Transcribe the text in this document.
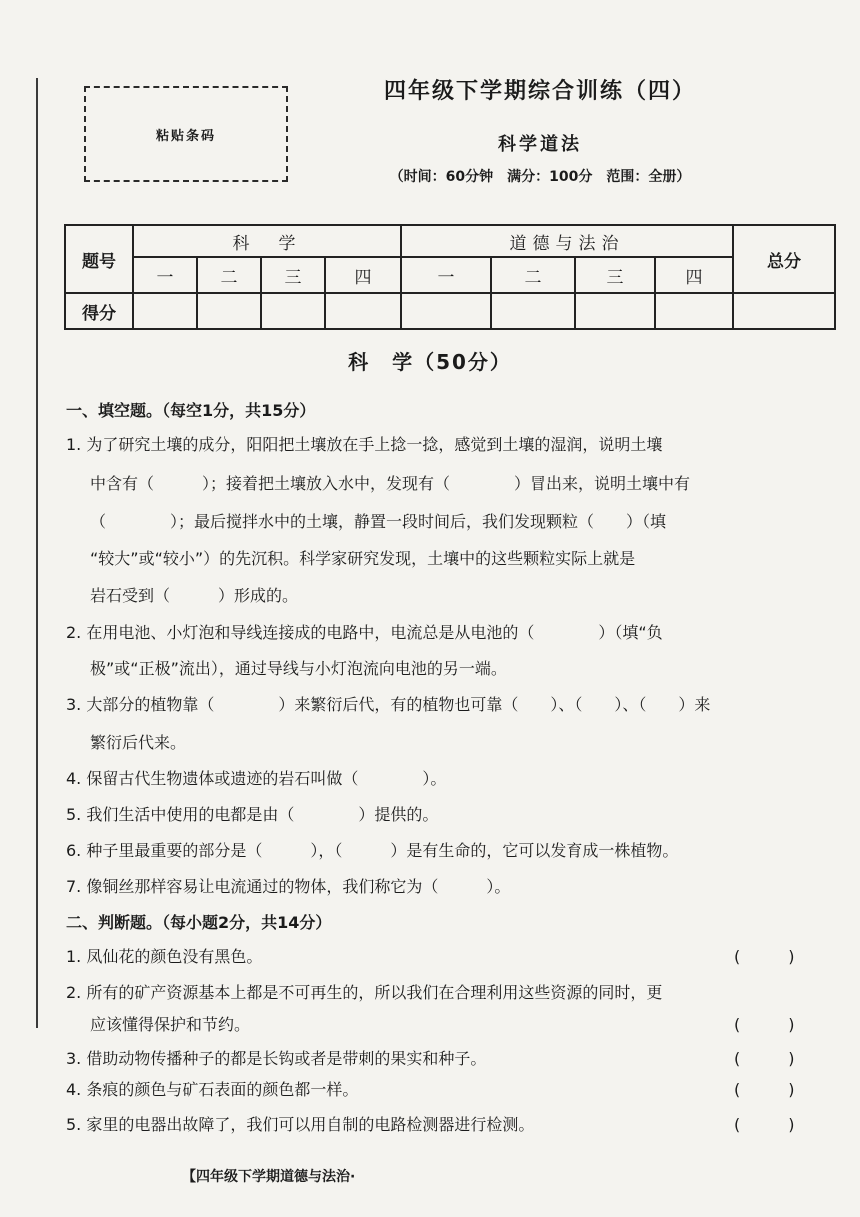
粘贴条码
四年级下学期综合训练（四）
科学道法
（时间：60分钟　满分：100分　范围：全册）
题号	科　学				道德与法治				总分
	一	二	三	四	一	二	三	四	
得分									
科　学（50分）
一、填空题。（每空1分，共15分）
1. 为了研究土壤的成分，阳阳把土壤放在手上捻一捻，感觉到土壤的湿润，说明土壤
中含有（　　　）；接着把土壤放入水中，发现有（　　　　）冒出来，说明土壤中有
（　　　　）；最后搅拌水中的土壤，静置一段时间后，我们发现颗粒（　　）（填
“较大”或“较小”）的先沉积。科学家研究发现，土壤中的这些颗粒实际上就是
岩石受到（　　　）形成的。
2. 在用电池、小灯泡和导线连接成的电路中，电流总是从电池的（　　　　）（填“负
极”或“正极”流出），通过导线与小灯泡流向电池的另一端。
3. 大部分的植物靠（　　　　）来繁衍后代，有的植物也可靠（　　）、（　　）、（　　）来
繁衍后代来。
4. 保留古代生物遗体或遗迹的岩石叫做（　　　　）。
5. 我们生活中使用的电都是由（　　　　）提供的。
6. 种子里最重要的部分是（　　　），（　　　）是有生命的，它可以发育成一株植物。
7. 像铜丝那样容易让电流通过的物体，我们称它为（　　　）。
二、判断题。（每小题2分，共14分）
1. 凤仙花的颜色没有黑色。	(　　　)
2. 所有的矿产资源基本上都是不可再生的，所以我们在合理利用这些资源的同时，更
应该懂得保护和节约。	(　　　)
3. 借助动物传播种子的都是长钩或者是带刺的果实和种子。	(　　　)
4. 条痕的颜色与矿石表面的颜色都一样。	(　　　)
5. 家里的电器出故障了，我们可以用自制的电路检测器进行检测。	(　　　)
【四年级下学期道德与法治·
